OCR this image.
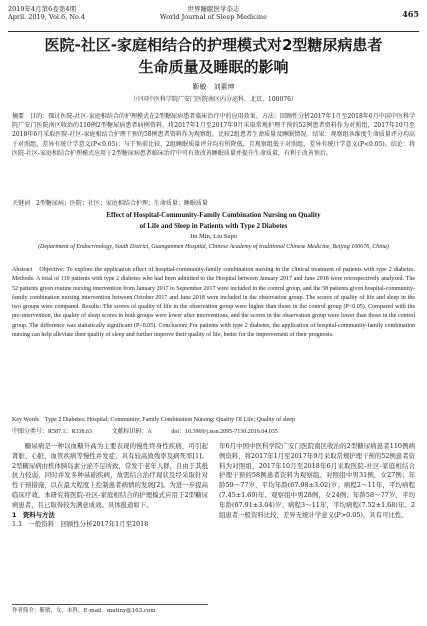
2019年4月第6卷第4期
April. 2019, Vol.6, No.4
世界睡眠医学杂志
World Journal of Sleep Medicine	465
医院-社区-家庭相结合的护理模式对2型糖尿病患者
生命质量及睡眠的影响
靳敏　刘素坤
（中国中医科学院广安门医院南区内分泌科，北京，100076）
摘要　目的：探讨医院-社区-家庭相结合的护理模式在2型糖尿病患者临床治疗中的应用效果。方法：回顾性分析2017年1月至2018年6月中国中医科学院广安门医院南区收治的110例2型糖尿病患者病例资料，将2017年1月至2017年9月采取常规护理干预的52例患者资料作为对照组，2017年10月至2018年6月采取医院-社区-家庭相结合护理干预的58例患者资料作为观察组。比较2组患者生命质量及睡眠情况。结果：观察组各维度生命质量评分均高于对照组，差异有统计学意义(P<0.05)；与干预前比较，2组睡眠质量评分均有所降低，且观察组低于对照组，差异有统计学意义(P<0.05)。结论：将医院-社区-家庭相结合护理模式应用于2型糖尿病患者临床治疗中可有效改善睡眠质量并提升生命质量，有利于改善预后。
关键词　2型糖尿病；医院；社区；家庭相结合护理；生命质量；睡眠质量
Effect of Hospital-Community-Family Combination Nursing on Quality
of Life and Sleep in Patients with Type 2 Diabetes
Jin Min, Liu Supo
(Department of Endocrinology, South District, Guanganmen Hospital, Chinese Academy of traditional Chinese Medicine, Beijing 100076, China)
Abstract　Objective: To explore the application effect of hospital-community-family combination nursing in the clinical treatment of patients with type 2 diabetes. Methods: A total of 110 patients with type 2 diabetes who had been admitted to the Hospital between January 2017 and June 2018 were retrospectively analyzed. The 52 patients given routine nursing intervention from January 2017 to September 2017 were included in the control group, and the 58 patients given hospital-community-family combination nursing intervention between October 2017 and June 2018 were included in the observation group. The scores of quality of life and sleep in the two groups were compared. Results: The scores of quality of life in the observation group were higher than those in the control group (P<0.05). Compared with the pre-intervention, the quality of sleep scores in both groups were lower after interventions, and the scores in the observation group were lower than those in the control group. The difference was statistically significant (P<0.05). Conclusion: For patients with type 2 diabetes, the application of hospital-community-family combination nursing can help alleviate their quality of sleep and further improve their quality of life, better for the improvement of their prognosis.
Key Words　Type 2 Diabetes; Hospital; Community; Family Combination Nursing; Quality Of Life; Quality of sleep
中图分类号：R587.1；R338.63	文献标识码：A	doi：10.3969/j.issn.2095-7130.2019.04.035
糖尿病是一种以血糖升高为主要表现的慢性终身性疾病，可引起肾脏、心脏、血管疾病等慢性并发症，具有较高致残率及病死率[1]。2型糖尿病由机体胰岛素分泌不足所致，常发于老年人群，且由于其抵抗力较弱，同时并发多种基础疾病，故需结合治疗现状及经采取针对性干预措施，以在最大程度上控制患者病情的发展[2]。为进一步提高临床疗效，本研究将医院-社区-家庭相结合的护理模式应用于2型糖尿病患者，且已取得较为满意成效。具体报道如下。
1　资料与方法
1.1　一般资料　回顾性分析2017年1月至2018
年6月中国中医科学院广安门医院南区收治的2型糖尿病患者110例病例资料，将2017年1月至2017年9月采取常规护理干预的52例患者资料为对照组，2017年10月至2018年6月采取医院-社区-家庭相结合护理干预的58例患者资料为观察组。对照组中男31例，女27例；年龄59～77岁，平均年龄(67.98±3.02)岁；病程2～11年，平均病程(7.45±1.69)年。观察组中男28例，女24例；年龄58～77岁，平均年龄(67.91±3.04)岁；病程3～11年，平均病程(7.52±1.68)年。2组患者一般资料比较，差异无统计学意义(P>0.05)，具有可比性。
作者简介：靳敏，女，本科，E-mail：matiny@163.com
